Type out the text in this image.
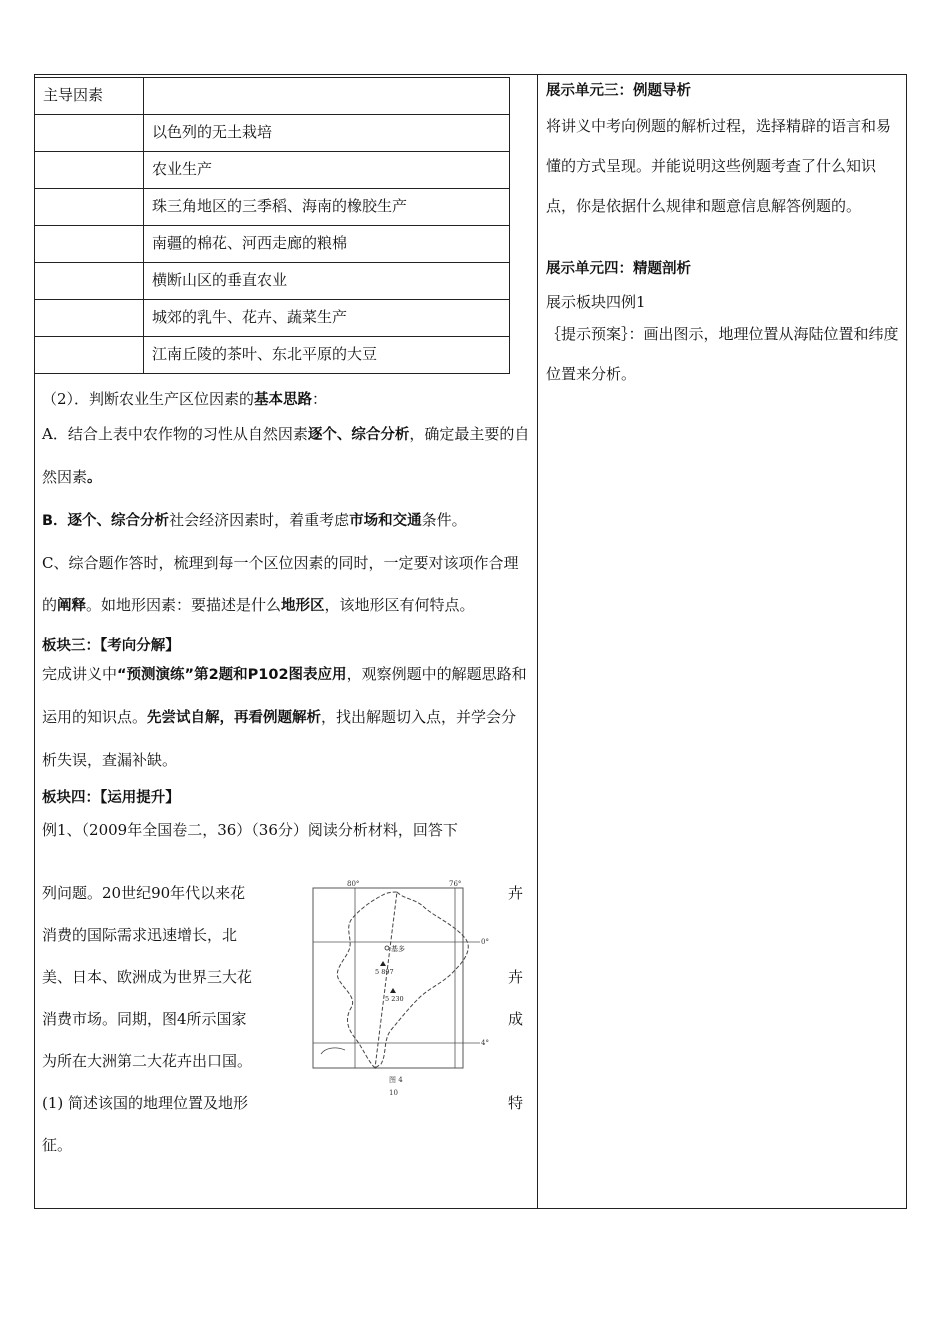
主导因素	
	以色列的无土栽培
	农业生产
	珠三角地区的三季稻、海南的橡胶生产
	南疆的棉花、河西走廊的粮棉
	横断山区的垂直农业
	城郊的乳牛、花卉、蔬菜生产
	江南丘陵的茶叶、东北平原的大豆

（2）．判断农业生产区位因素的基本思路：

A．结合上表中农作物的习性从自然因素逐个、综合分析，确定最主要的自然因素。

B．逐个、综合分析社会经济因素时，着重考虑市场和交通条件。

C、综合题作答时，梳理到每一个区位因素的同时，一定要对该项作合理的阐释。如地形因素：要描述是什么地形区，该地形区有何特点。

板块三：【考向分解】

完成讲义中“预测演练”第2题和P102图表应用，观察例题中的解题思路和运用的知识点。先尝试自解，再看例题解析，找出解题切入点，并学会分析失误，查漏补缺。

板块四：【运用提升】

例1、（2009年全国卷二，36）（36分）阅读分析材料，回答下

列问题。20世纪90年代以来花
消费的国际需求迅速增长，北
美、日本、欧洲成为世界三大花
消费市场。同期，图4所示国家
为所在大洲第二大花卉出口国。
(1) 简述该国的地理位置及地形
征。
卉

卉
成

特
80°	76°
0°
4°
基多
5 897
5 230
图 4
10

展示单元三：例题导析

将讲义中考向例题的解析过程，选择精辟的语言和易懂的方式呈现。并能说明这些例题考查了什么知识点，你是依据什么规律和题意信息解答例题的。

展示单元四：精题剖析

展示板块四例1

｛提示预案｝：画出图示，地理位置从海陆位置和纬度位置来分析。
